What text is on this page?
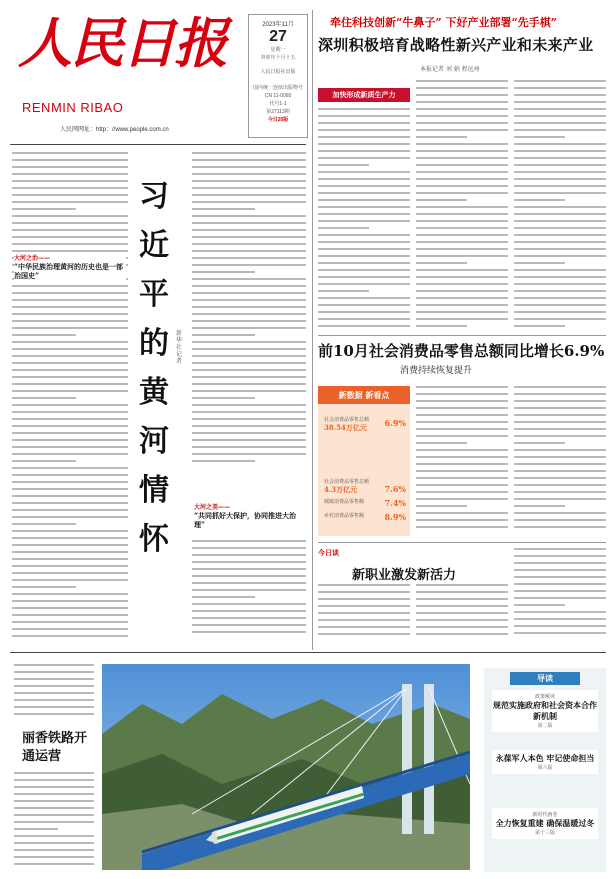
人民日报
RENMIN RIBAO
人民网网址：http：//www.people.com.cn
2023年11月
27
星期一
癸卯年十月十五
人民日报社出版
国内统一连续出版物号
CN 11-0065
代号1-1
第27113期
今日20版
牵住科技创新“牛鼻子” 下好产业部署“先手棋”
深圳积极培育战略性新兴产业和未来产业
本报记者 刘 娟 程远州
加快形成新质生产力
大河之治——
“中华民族治理黄河的历史也是一部治国史”
大河之美——
“共同抓好大保护，协同推进大治理”
习
近
平
的
黄
河
情
怀
新华社记者
前10月社会消费品零售总额同比增长6.9%
消费持续恢复提升
新数据 新看点
社会消费品零售总额
38.54万亿元	6.9%
社会消费品零售总额
4.3万亿元	7.6%
城镇消费品零售额	7.4%
乡村消费品零售额	8.9%
今日谈
新职业激发新活力
丽香铁路开通运营
导读
政策解读
规范实施政府和社会资本合作新机制
第二版
永葆军人本色 牢记使命担当
第六版
新时代画卷
全力恢复重建 确保温暖过冬
第十三版
